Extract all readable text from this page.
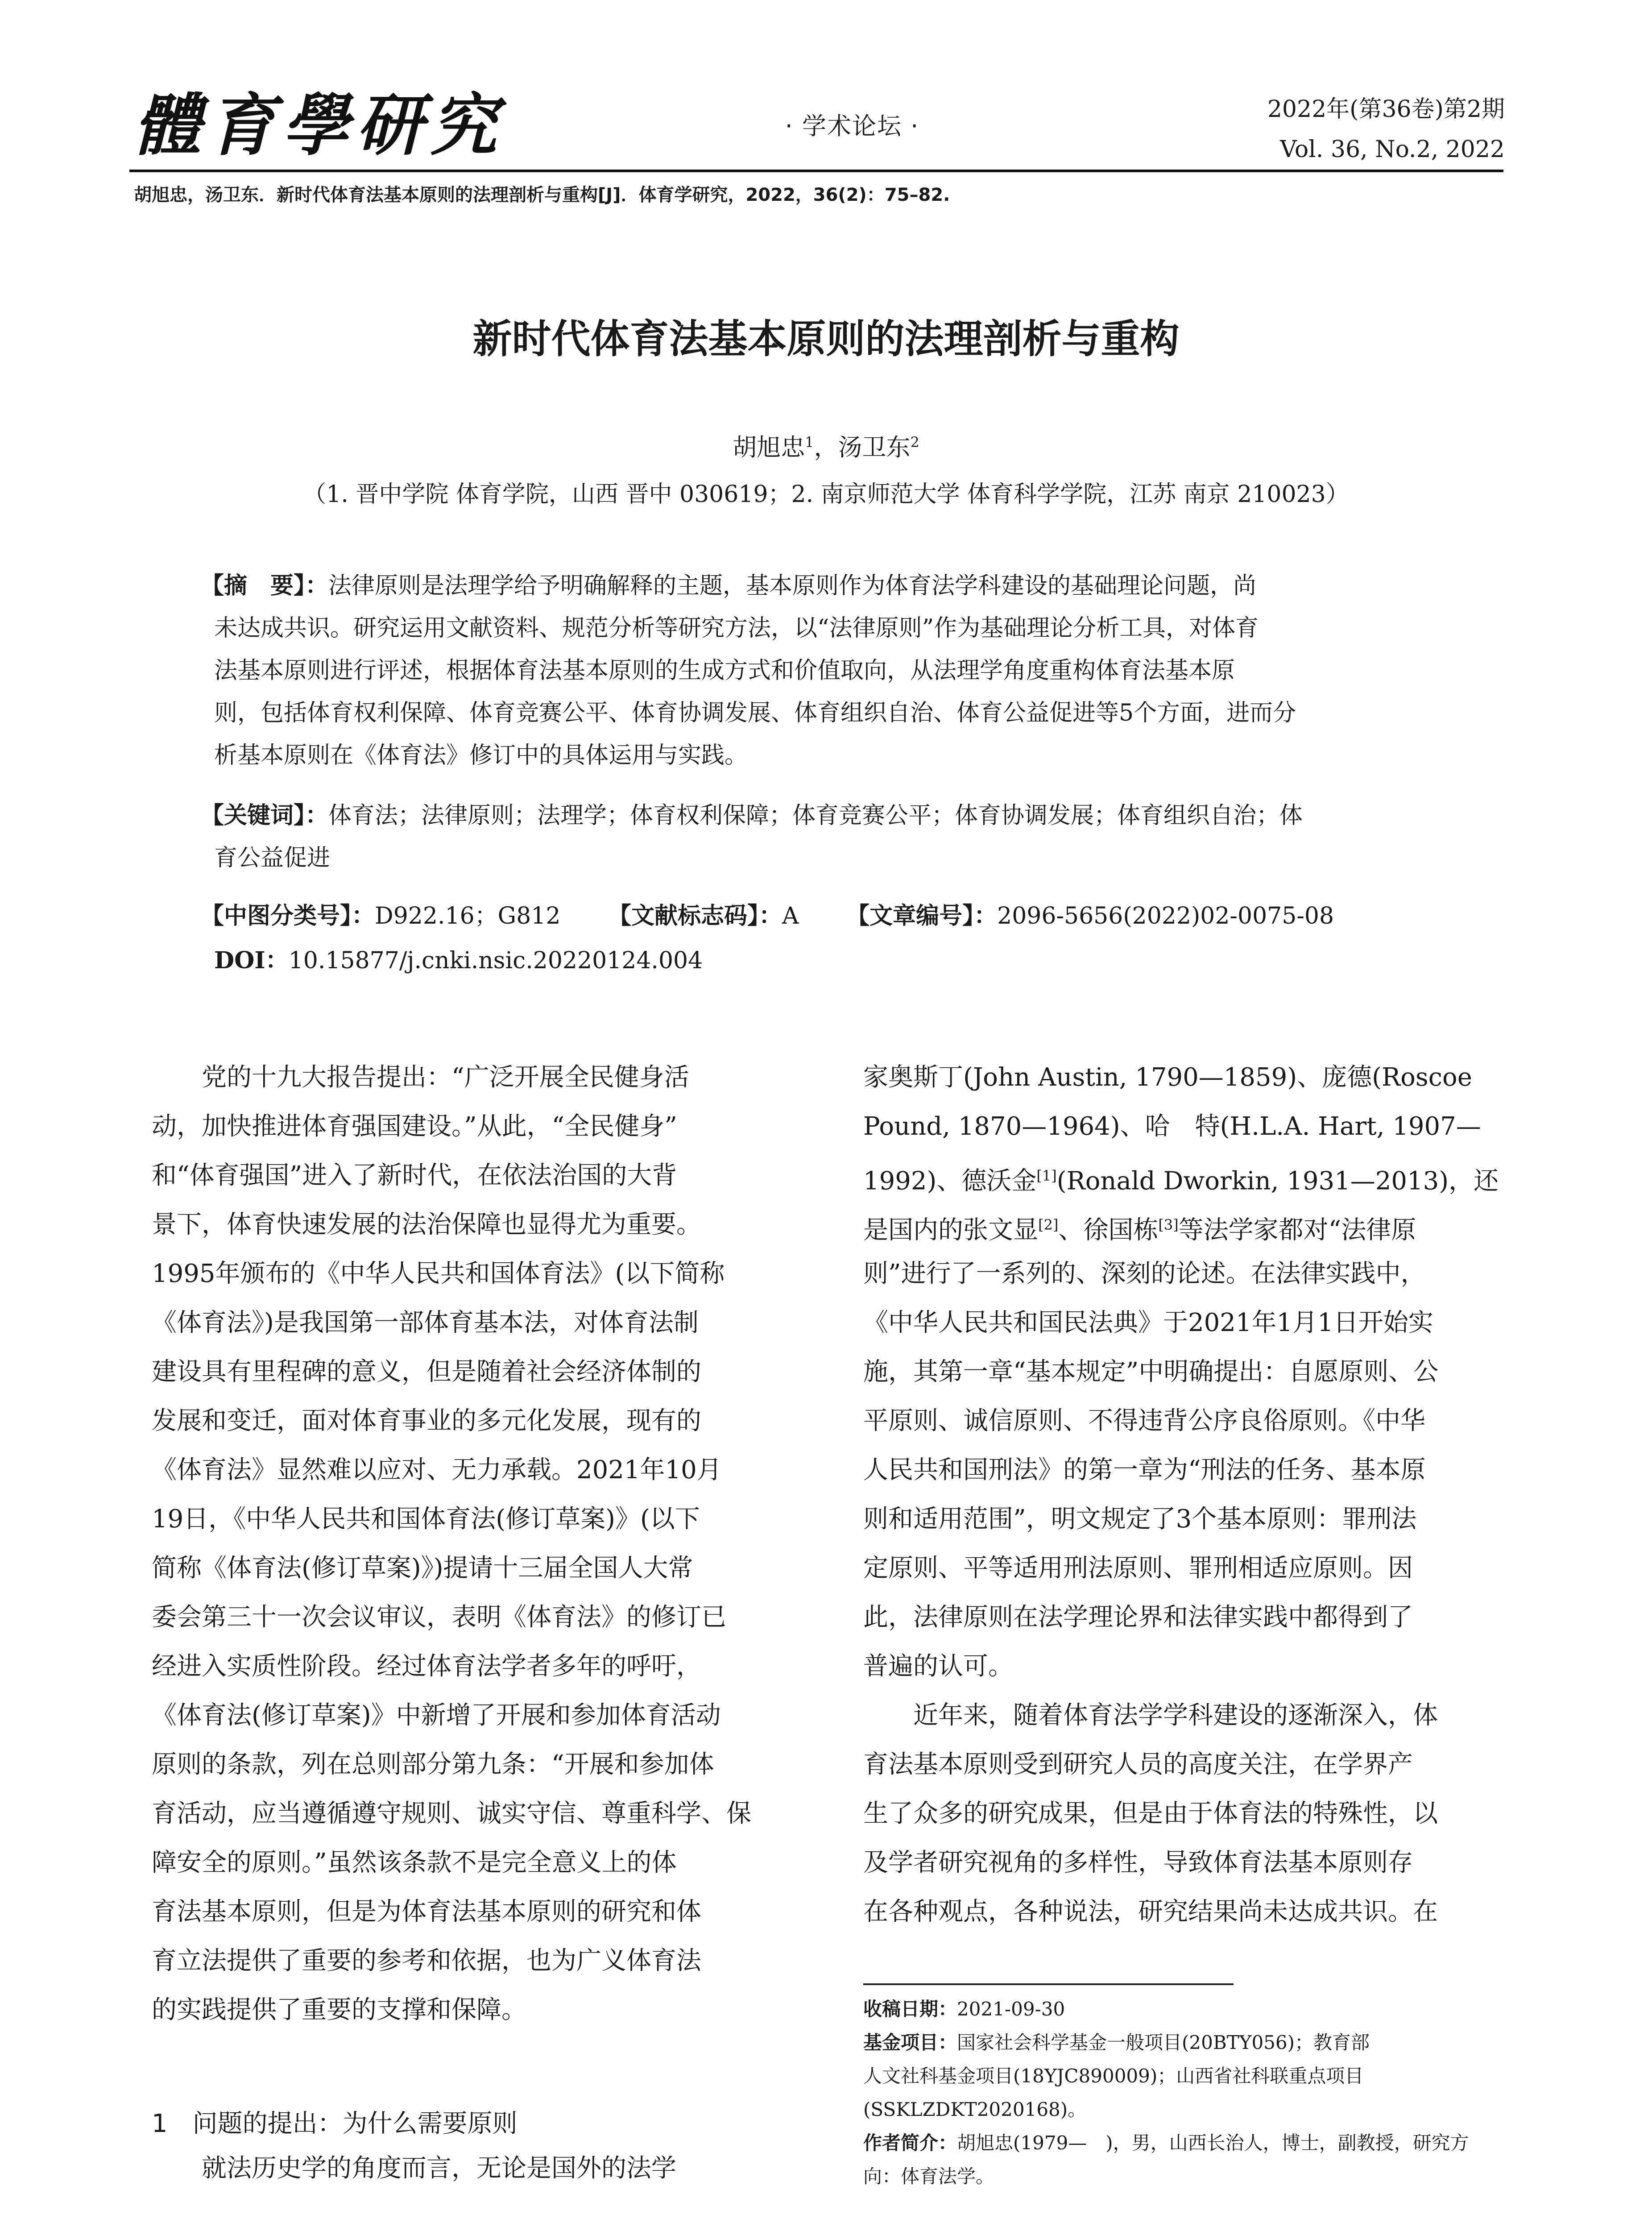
體育學研究	· 学术论坛 ·
2022年(第36卷)第2期
Vol. 36, No.2, 2022
胡旭忠，汤卫东．新时代体育法基本原则的法理剖析与重构[J]．体育学研究，2022，36(2)：75–82.
新时代体育法基本原则的法理剖析与重构
胡旭忠$^1$，汤卫东$^2$
（1. 晋中学院 体育学院，山西 晋中 030619；2. 南京师范大学 体育科学学院，江苏 南京 210023）
【摘　要】：法律原则是法理学给予明确解释的主题，基本原则作为体育法学科建设的基础理论问题，尚
未达成共识。研究运用文献资料、规范分析等研究方法，以“法律原则”作为基础理论分析工具，对体育
法基本原则进行评述，根据体育法基本原则的生成方式和价值取向，从法理学角度重构体育法基本原
则，包括体育权利保障、体育竞赛公平、体育协调发展、体育组织自治、体育公益促进等5个方面，进而分
析基本原则在《体育法》修订中的具体运用与实践。
【关键词】：体育法；法律原则；法理学；体育权利保障；体育竞赛公平；体育协调发展；体育组织自治；体
育公益促进
【中图分类号】：D922.16；G812 【文献标志码】：A 【文章编号】：2096-5656(2022)02-0075-08
DOI：10.15877/j.cnki.nsic.20220124.004
党的十九大报告提出：“广泛开展全民健身活
动，加快推进体育强国建设。”从此，“全民健身”
和“体育强国”进入了新时代，在依法治国的大背
景下，体育快速发展的法治保障也显得尤为重要。
1995年颁布的《中华人民共和国体育法》(以下简称
《体育法》)是我国第一部体育基本法，对体育法制
建设具有里程碑的意义，但是随着社会经济体制的
发展和变迁，面对体育事业的多元化发展，现有的
《体育法》显然难以应对、无力承载。2021年10月
19日，《中华人民共和国体育法(修订草案)》(以下
简称《体育法(修订草案)》)提请十三届全国人大常
委会第三十一次会议审议，表明《体育法》的修订已
经进入实质性阶段。经过体育法学者多年的呼吁，
《体育法(修订草案)》中新增了开展和参加体育活动
原则的条款，列在总则部分第九条：“开展和参加体
育活动，应当遵循遵守规则、诚实守信、尊重科学、保
障安全的原则。”虽然该条款不是完全意义上的体
育法基本原则，但是为体育法基本原则的研究和体
育立法提供了重要的参考和依据，也为广义体育法
的实践提供了重要的支撑和保障。
1　问题的提出：为什么需要原则
就法历史学的角度而言，无论是国外的法学
家奥斯丁(John Austin, 1790—1859)、庞德(Roscoe
Pound, 1870—1964)、哈　特(H.L.A. Hart, 1907—
1992)、德沃金[1](Ronald Dworkin, 1931—2013)，还
是国内的张文显[2]、徐国栋[3]等法学家都对“法律原
则”进行了一系列的、深刻的论述。在法律实践中，
《中华人民共和国民法典》于2021年1月1日开始实
施，其第一章“基本规定”中明确提出：自愿原则、公
平原则、诚信原则、不得违背公序良俗原则。《中华
人民共和国刑法》的第一章为“刑法的任务、基本原
则和适用范围”，明文规定了3个基本原则：罪刑法
定原则、平等适用刑法原则、罪刑相适应原则。因
此，法律原则在法学理论界和法律实践中都得到了
普遍的认可。
近年来，随着体育法学学科建设的逐渐深入，体
育法基本原则受到研究人员的高度关注，在学界产
生了众多的研究成果，但是由于体育法的特殊性，以
及学者研究视角的多样性，导致体育法基本原则存
在各种观点，各种说法，研究结果尚未达成共识。在
收稿日期：2021-09-30
基金项目：国家社会科学基金一般项目(20BTY056)；教育部
人文社科基金项目(18YJC890009)；山西省社科联重点项目
(SSKLZDKT2020168)。
作者简介：胡旭忠(1979—　)，男，山西长治人，博士，副教授，研究方
向：体育法学。
